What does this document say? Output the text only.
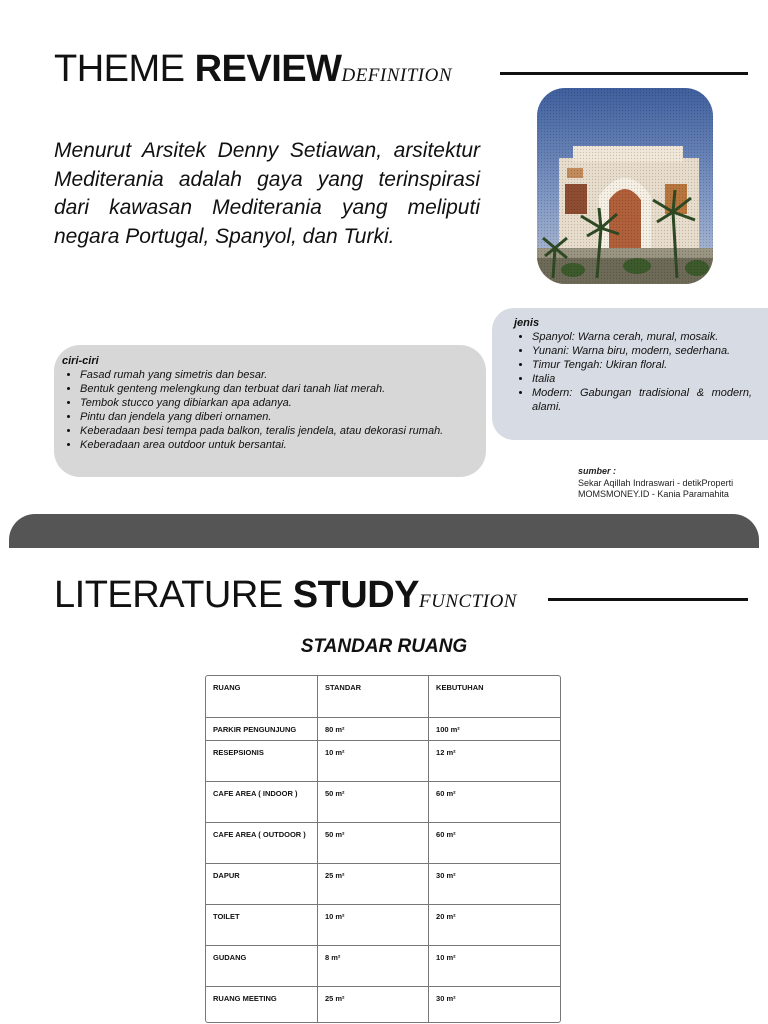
THEME REVIEWDEFINITION
Menurut Arsitek Denny Setiawan, arsitektur Mediterania adalah gaya yang terinspirasi dari kawasan Mediterania yang meliputi negara Portugal, Spanyol, dan Turki.
jenis
• Spanyol: Warna cerah, mural, mosaik.
• Yunani: Warna biru, modern, sederhana.
• Timur Tengah: Ukiran floral.
• Italia
• Modern: Gabungan tradisional & modern, alami.
ciri-ciri
• Fasad rumah yang simetris dan besar.
• Bentuk genteng melengkung dan terbuat dari tanah liat merah.
• Tembok stucco yang dibiarkan apa adanya.
• Pintu dan jendela yang diberi ornamen.
• Keberadaan besi tempa pada balkon, teralis jendela, atau dekorasi rumah.
• Keberadaan area outdoor untuk bersantai.
sumber :
Sekar Aqillah Indraswari - detikProperti
MOMSMONEY.ID - Kania Paramahita
LITERATURE STUDYFUNCTION
STANDAR RUANG
RUANG	STANDAR	KEBUTUHAN
PARKIR PENGUNJUNG	80 m²	100 m²
RESEPSIONIS	10 m²	12 m²
CAFE AREA ( INDOOR )	50 m²	60 m²
CAFE AREA ( OUTDOOR )	50 m²	60 m²
DAPUR	25 m²	30 m²
TOILET	10 m²	20 m²
GUDANG	8 m²	10 m²
RUANG MEETING	25 m²	30 m²
